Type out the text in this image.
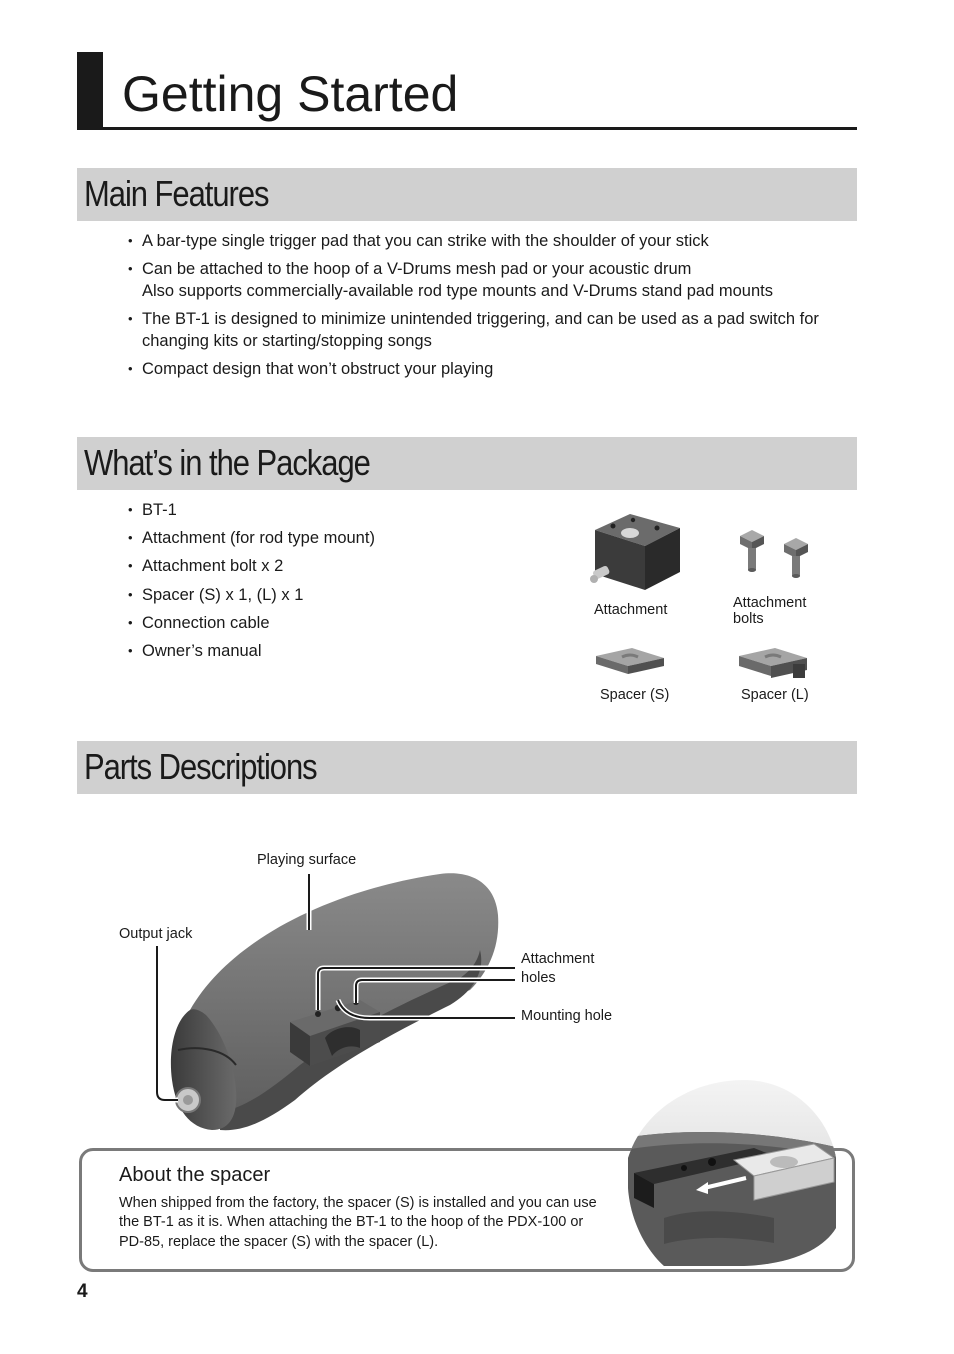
Getting Started
Main Features
• A bar-type single trigger pad that you can strike with the shoulder of your stick
• Can be attached to the hoop of a V-Drums mesh pad or your acoustic drum
Also supports commercially-available rod type mounts and V-Drums stand pad mounts
• The BT-1 is designed to minimize unintended triggering, and can be used as a pad switch for
changing kits or starting/stopping songs
• Compact design that won’t obstruct your playing
What’s in the Package
• BT-1
• Attachment (for rod type mount)
• Attachment bolt x 2
• Spacer (S) x 1, (L) x 1
• Connection cable
• Owner’s manual
Attachment	Attachment
bolts
Spacer (S)	Spacer (L)
Parts Descriptions
Playing surface
Output jack
Attachment
holes
Mounting hole
About the spacer
When shipped from the factory, the spacer (S) is installed and you can use
the BT-1 as it is. When attaching the BT-1 to the hoop of the PDX-100 or
PD-85, replace the spacer (S) with the spacer (L).
4
